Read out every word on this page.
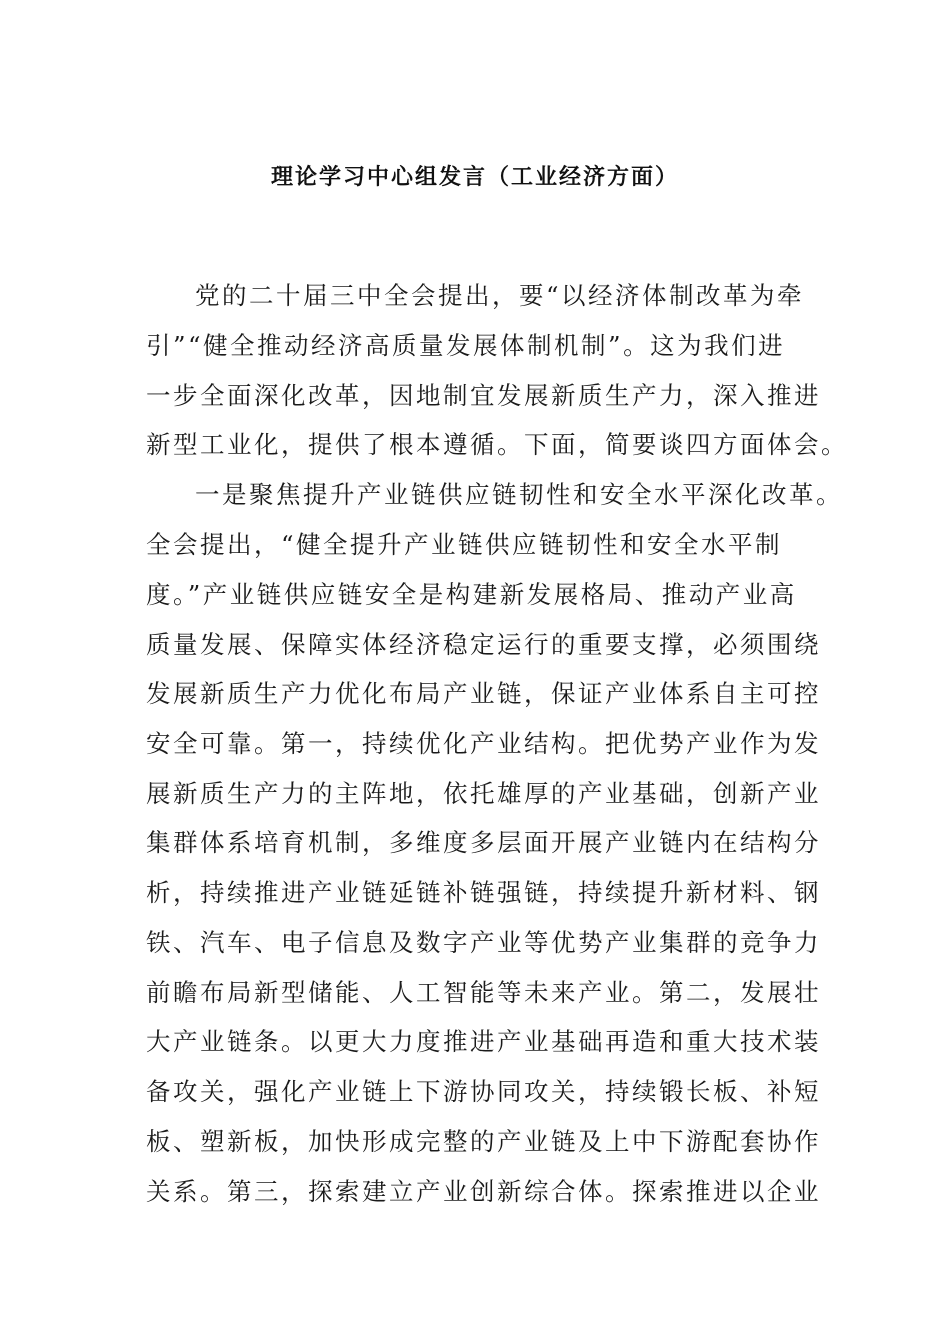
理论学习中心组发言（工业经济方面）
党的二十届三中全会提出，要“以经济体制改革为牵
引”“健全推动经济高质量发展体制机制”。这为我们进
一步全面深化改革，因地制宜发展新质生产力，深入推进
新型工业化，提供了根本遵循。下面，简要谈四方面体会。
一是聚焦提升产业链供应链韧性和安全水平深化改革。
全会提出，“健全提升产业链供应链韧性和安全水平制
度。”产业链供应链安全是构建新发展格局、推动产业高
质量发展、保障实体经济稳定运行的重要支撑，必须围绕
发展新质生产力优化布局产业链，保证产业体系自主可控
安全可靠。第一，持续优化产业结构。把优势产业作为发
展新质生产力的主阵地，依托雄厚的产业基础，创新产业
集群体系培育机制，多维度多层面开展产业链内在结构分
析，持续推进产业链延链补链强链，持续提升新材料、钢
铁、汽车、电子信息及数字产业等优势产业集群的竞争力
前瞻布局新型储能、人工智能等未来产业。第二，发展壮
大产业链条。以更大力度推进产业基础再造和重大技术装
备攻关，强化产业链上下游协同攻关，持续锻长板、补短
板、塑新板，加快形成完整的产业链及上中下游配套协作
关系。第三，探索建立产业创新综合体。探索推进以企业
